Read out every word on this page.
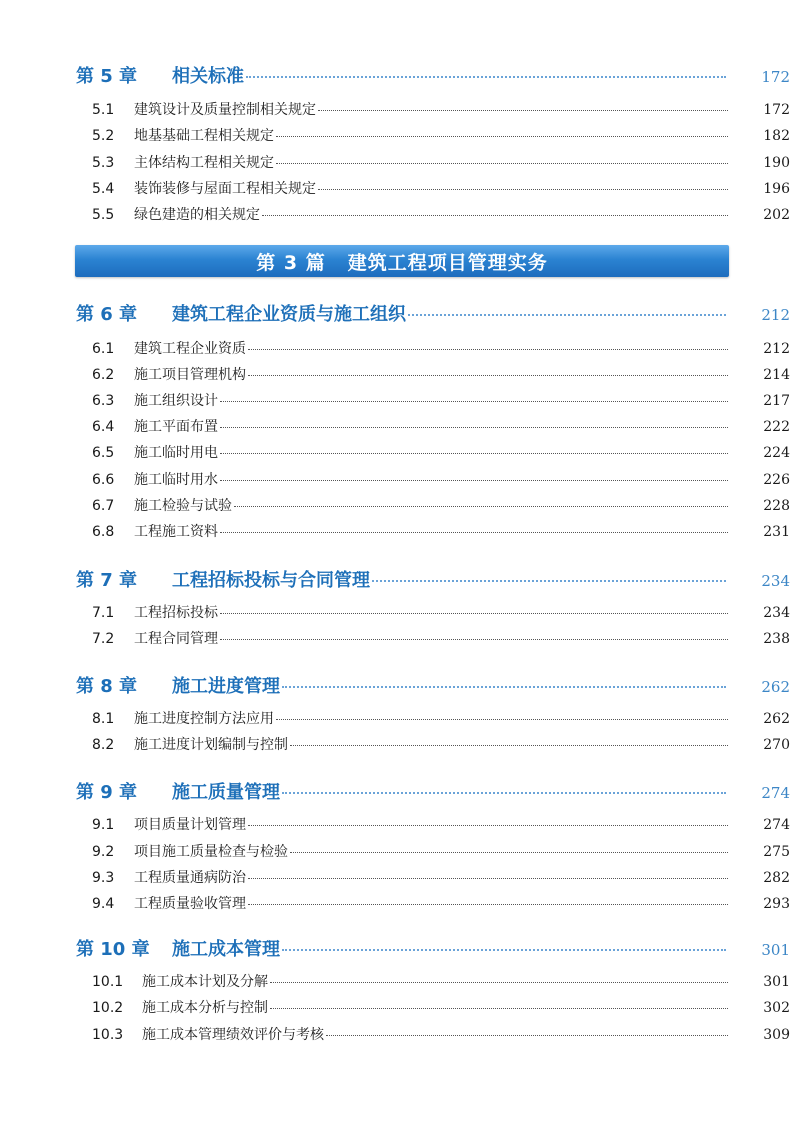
第 5 章	相关标准	172
5.1	建筑设计及质量控制相关规定	172
5.2	地基基础工程相关规定	182
5.3	主体结构工程相关规定	190
5.4	装饰装修与屋面工程相关规定	196
5.5	绿色建造的相关规定	202
第 3 篇 建筑工程项目管理实务
第 6 章	建筑工程企业资质与施工组织	212
6.1	建筑工程企业资质	212
6.2	施工项目管理机构	214
6.3	施工组织设计	217
6.4	施工平面布置	222
6.5	施工临时用电	224
6.6	施工临时用水	226
6.7	施工检验与试验	228
6.8	工程施工资料	231
第 7 章	工程招标投标与合同管理	234
7.1	工程招标投标	234
7.2	工程合同管理	238
第 8 章	施工进度管理	262
8.1	施工进度控制方法应用	262
8.2	施工进度计划编制与控制	270
第 9 章	施工质量管理	274
9.1	项目质量计划管理	274
9.2	项目施工质量检查与检验	275
9.3	工程质量通病防治	282
9.4	工程质量验收管理	293
第 10 章	施工成本管理	301
10.1	施工成本计划及分解	301
10.2	施工成本分析与控制	302
10.3	施工成本管理绩效评价与考核	309
